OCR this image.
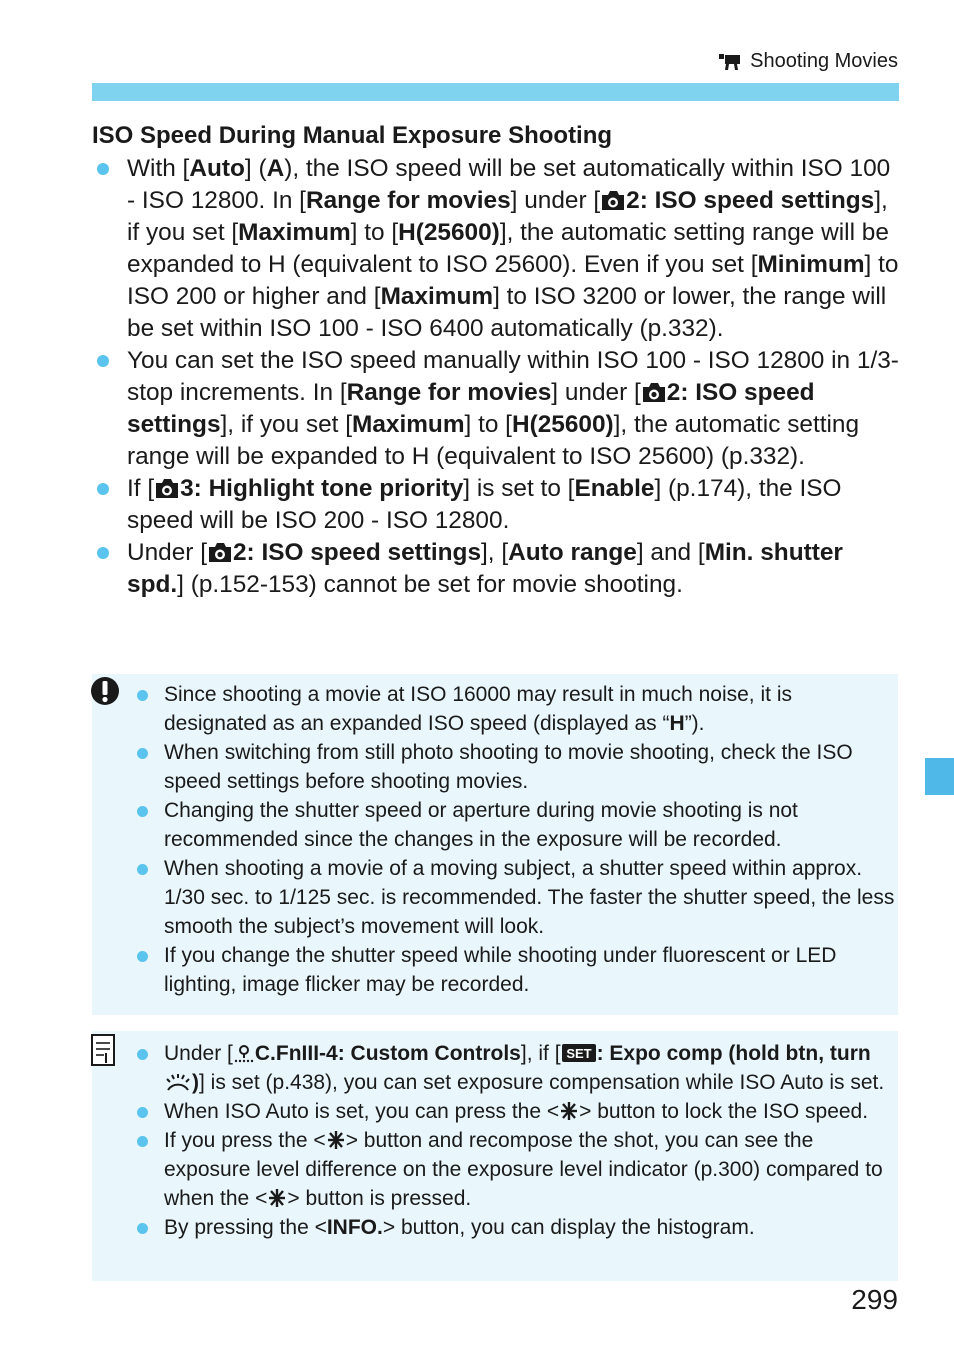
Shooting Movies
ISO Speed During Manual Exposure Shooting
With [Auto] (A), the ISO speed will be set automatically within ISO 100 - ISO 12800. In [Range for movies] under [ 2: ISO speed settings], if you set [Maximum] to [H(25600)], the automatic setting range will be expanded to H (equivalent to ISO 25600). Even if you set [Minimum] to ISO 200 or higher and [Maximum] to ISO 3200 or lower, the range will be set within ISO 100 - ISO 6400 automatically (p.332).
You can set the ISO speed manually within ISO 100 - ISO 12800 in 1/3-stop increments. In [Range for movies] under [ 2: ISO speed settings], if you set [Maximum] to [H(25600)], the automatic setting range will be expanded to H (equivalent to ISO 25600) (p.332).
If [ 3: Highlight tone priority] is set to [Enable] (p.174), the ISO speed will be ISO 200 - ISO 12800.
Under [ 2: ISO speed settings], [Auto range] and [Min. shutter spd.] (p.152-153) cannot be set for movie shooting.
Since shooting a movie at ISO 16000 may result in much noise, it is designated as an expanded ISO speed (displayed as “H”).
When switching from still photo shooting to movie shooting, check the ISO speed settings before shooting movies.
Changing the shutter speed or aperture during movie shooting is not recommended since the changes in the exposure will be recorded.
When shooting a movie of a moving subject, a shutter speed within approx. 1/30 sec. to 1/125 sec. is recommended. The faster the shutter speed, the less smooth the subject’s movement will look.
If you change the shutter speed while shooting under fluorescent or LED lighting, image flicker may be recorded.
Under [ C.FnIII-4: Custom Controls], if [ SET : Expo comp (hold btn, turn )] is set (p.438), you can set exposure compensation while ISO Auto is set.
When ISO Auto is set, you can press the < > button to lock the ISO speed.
If you press the < > button and recompose the shot, you can see the exposure level difference on the exposure level indicator (p.300) compared to when the < > button is pressed.
By pressing the <INFO.> button, you can display the histogram.
299
